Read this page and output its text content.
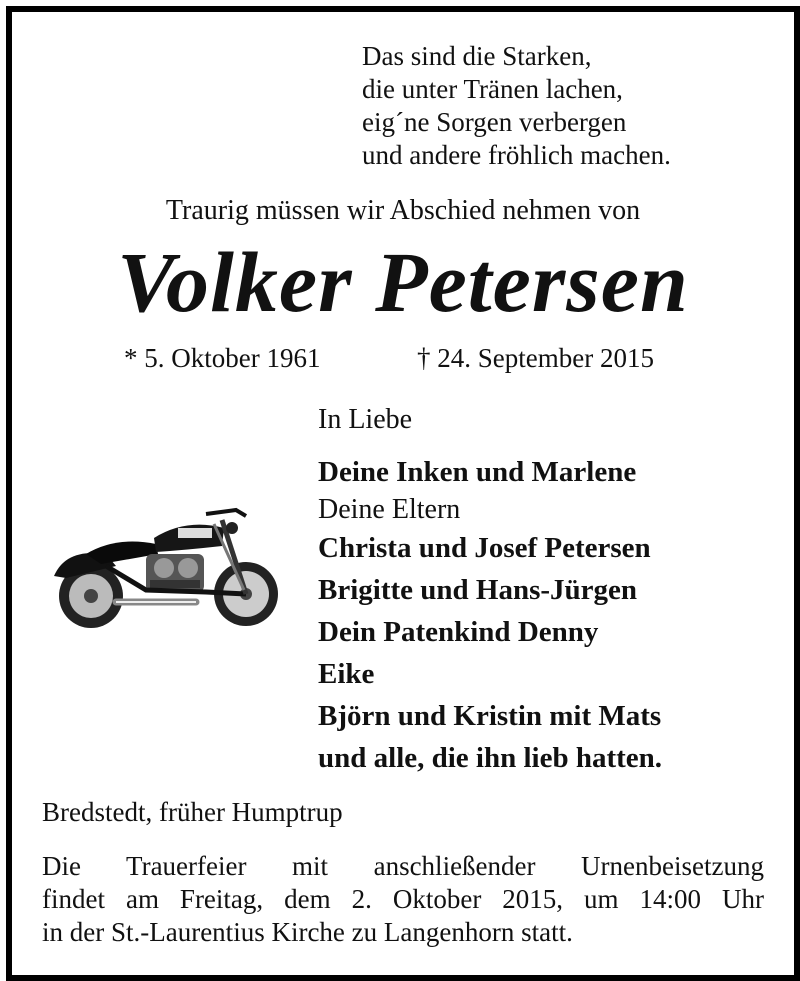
Das sind die Starken,
die unter Tränen lachen,
eig´ne Sorgen verbergen
und andere fröhlich machen.
Traurig müssen wir Abschied nehmen von
Volker Petersen
* 5. Oktober 1961	† 24. September 2015
In Liebe
Deine Inken und Marlene
Deine Eltern
Christa und Josef Petersen
Brigitte und Hans-Jürgen
Dein Patenkind Denny
Eike
Björn und Kristin mit Mats
und alle, die ihn lieb hatten.
Bredstedt, früher Humptrup
Die Trauerfeier mit anschließender Urnenbeisetzung
findet am Freitag, dem 2. Oktober 2015, um 14:00 Uhr
in der St.-Laurentius Kirche zu Langenhorn statt.
